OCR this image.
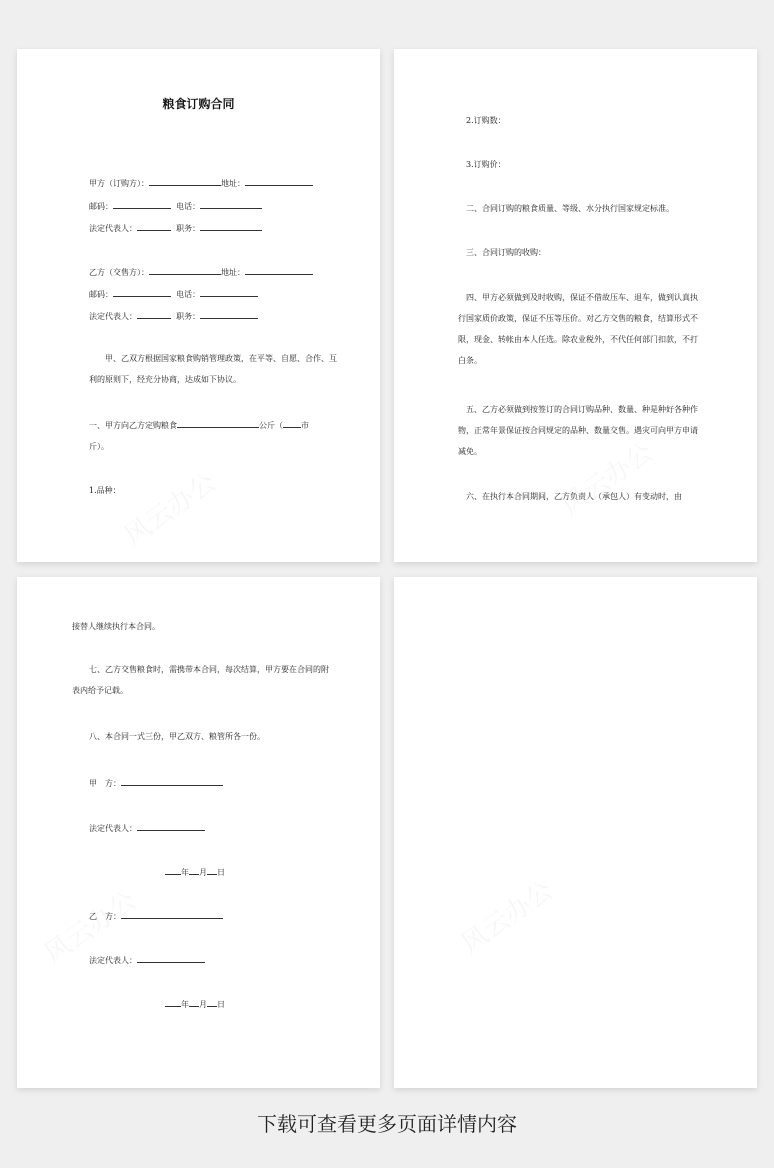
粮食订购合同
甲方（订购方）：	地址：
邮码：	电话：
法定代表人：	职务：
乙方（交售方）：	地址：
邮码：	电话：
法定代表人：	职务：
甲、乙双方根据国家粮食购销管理政策，在平等、自愿、合作、互利的原则下，经充分协商，达成如下协议。
一、甲方向乙方定购粮食	公斤（ 市
斤）。
1.品种：
2.订购数：
3.订购价：
二、合同订购的粮食质量、等级、水分执行国家规定标准。
三、合同订购的收购：
四、甲方必须做到及时收购，保证不借故压车、退车，做到认真执行国家质价政策，保证不压等压价。对乙方交售的粮食，结算形式不限，现金、转帐由本人任选。除农业税外，不代任何部门扣款，不打白条。
五、乙方必须做到按签订的合同订购品种、数量、种是种好各种作物，正常年景保证按合同规定的品种、数量交售。遇灾可向甲方申请减免。
六、在执行本合同期间，乙方负责人（承包人）有变动时，由
接替人继续执行本合同。
七、乙方交售粮食时，需携带本合同，每次结算，甲方要在合同的附表内给予记载。
八、本合同一式三份，甲乙双方、粮管所各一份。
甲　方：
法定代表人：
年 月 日
乙　方：
法定代表人：
年 月 日
下载可查看更多页面详情内容
